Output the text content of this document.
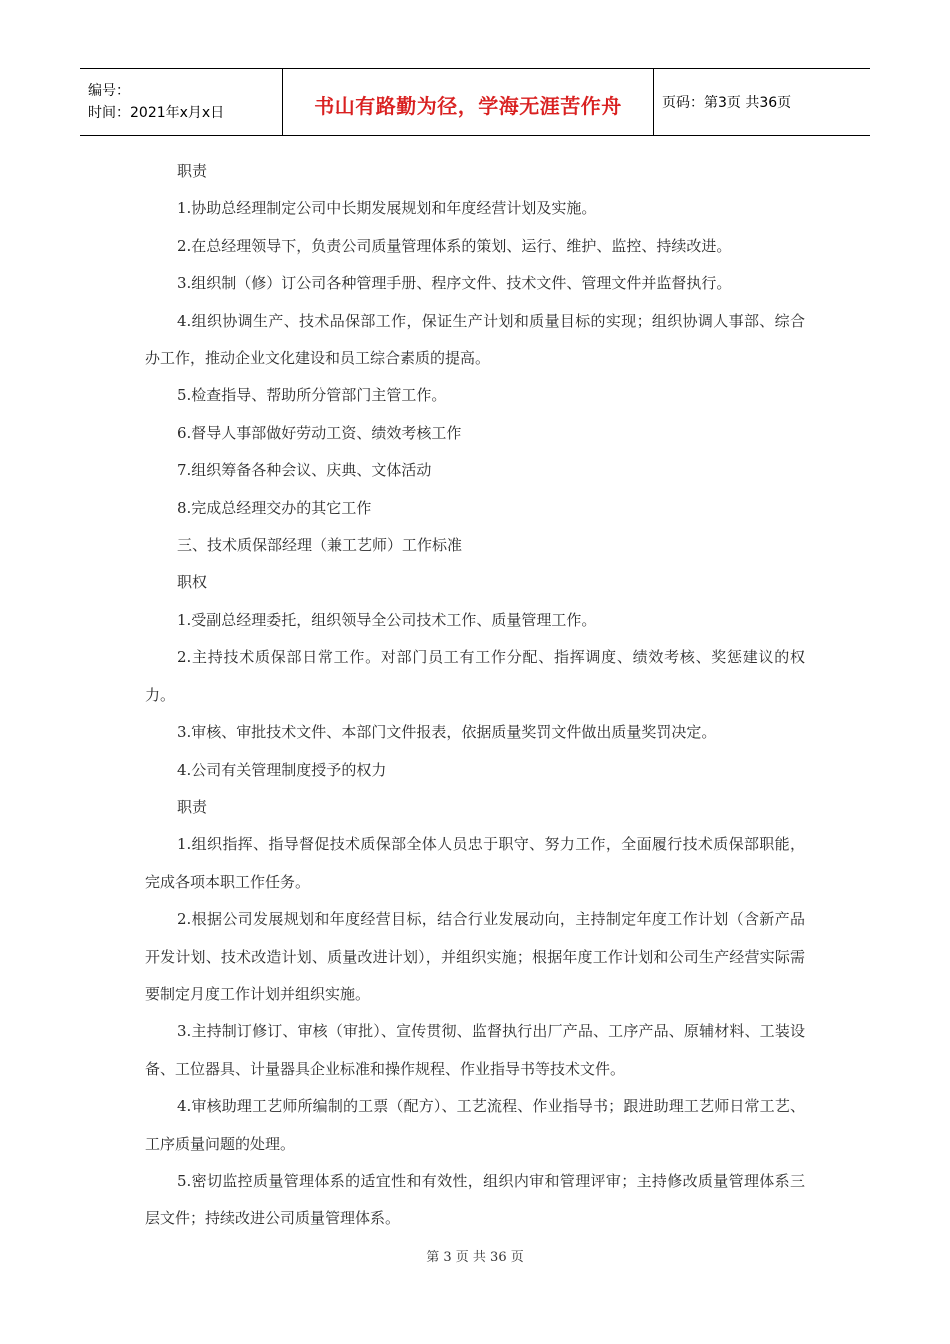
编号：
时间：2021年x月x日	书山有路勤为径，学海无涯苦作舟	页码：第3页 共36页

职责

1.协助总经理制定公司中长期发展规划和年度经营计划及实施。

2.在总经理领导下，负责公司质量管理体系的策划、运行、维护、监控、持续改进。

3.组织制（修）订公司各种管理手册、程序文件、技术文件、管理文件并监督执行。

4.组织协调生产、技术品保部工作，保证生产计划和质量目标的实现；组织协调人事部、综合办工作，推动企业文化建设和员工综合素质的提高。

5.检查指导、帮助所分管部门主管工作。

6.督导人事部做好劳动工资、绩效考核工作

7.组织筹备各种会议、庆典、文体活动

8.完成总经理交办的其它工作

三、技术质保部经理（兼工艺师）工作标准

职权

1.受副总经理委托，组织领导全公司技术工作、质量管理工作。

2.主持技术质保部日常工作。对部门员工有工作分配、指挥调度、绩效考核、奖惩建议的权力。

3.审核、审批技术文件、本部门文件报表，依据质量奖罚文件做出质量奖罚决定。

4.公司有关管理制度授予的权力

职责

1.组织指挥、指导督促技术质保部全体人员忠于职守、努力工作，全面履行技术质保部职能，完成各项本职工作任务。

2.根据公司发展规划和年度经营目标，结合行业发展动向，主持制定年度工作计划（含新产品开发计划、技术改造计划、质量改进计划），并组织实施；根据年度工作计划和公司生产经营实际需要制定月度工作计划并组织实施。

3.主持制订修订、审核（审批）、宣传贯彻、监督执行出厂产品、工序产品、原辅材料、工装设备、工位器具、计量器具企业标准和操作规程、作业指导书等技术文件。

4.审核助理工艺师所编制的工票（配方）、工艺流程、作业指导书；跟进助理工艺师日常工艺、工序质量问题的处理。

5.密切监控质量管理体系的适宜性和有效性，组织内审和管理评审；主持修改质量管理体系三层文件；持续改进公司质量管理体系。

第 3 页 共 36 页
